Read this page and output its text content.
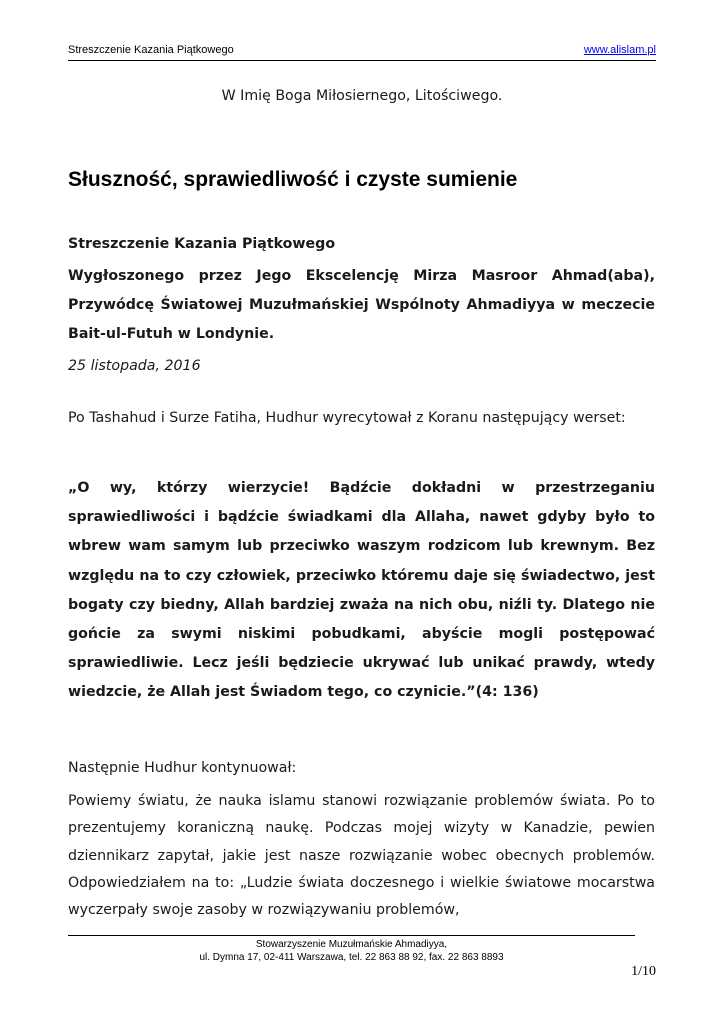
Streszczenie Kazania Piątkowego	www.alislam.pl
W Imię Boga Miłosiernego, Litościwego.
Słuszność, sprawiedliwość i czyste sumienie
Streszczenie Kazania Piątkowego
Wygłoszonego przez Jego Ekscelencję Mirza Masroor Ahmad(aba), Przywódcę Światowej Muzułmańskiej Wspólnoty Ahmadiyya w meczecie Bait-ul-Futuh w Londynie.
25 listopada, 2016
Po Tashahud i Surze Fatiha, Hudhur wyrecytował z Koranu następujący werset:
„O wy, którzy wierzycie! Bądźcie dokładni w przestrzeganiu sprawiedliwości i bądźcie świadkami dla Allaha, nawet gdyby było to wbrew wam samym lub przeciwko waszym rodzicom lub krewnym. Bez względu na to czy człowiek, przeciwko któremu daje się świadectwo, jest bogaty czy biedny, Allah bardziej zważa na nich obu, niźli ty. Dlatego nie gońcie za swymi niskimi pobudkami, abyście mogli postępować sprawiedliwie. Lecz jeśli będziecie ukrywać lub unikać prawdy, wtedy wiedzcie, że Allah jest Świadom tego, co czynicie.”(4: 136)
Następnie Hudhur kontynuował:
Powiemy światu, że nauka islamu stanowi rozwiązanie problemów świata. Po to prezentujemy koraniczną naukę. Podczas mojej wizyty w Kanadzie, pewien dziennikarz zapytał, jakie jest nasze rozwiązanie wobec obecnych problemów. Odpowiedziałem na to: „Ludzie świata doczesnego i wielkie światowe mocarstwa wyczerpały swoje zasoby w rozwiązywaniu problemów,
Stowarzyszenie Muzułmańskie Ahmadiyya,
ul. Dymna 17, 02-411 Warszawa, tel. 22 863 88 92, fax. 22 863 8893
1/10
